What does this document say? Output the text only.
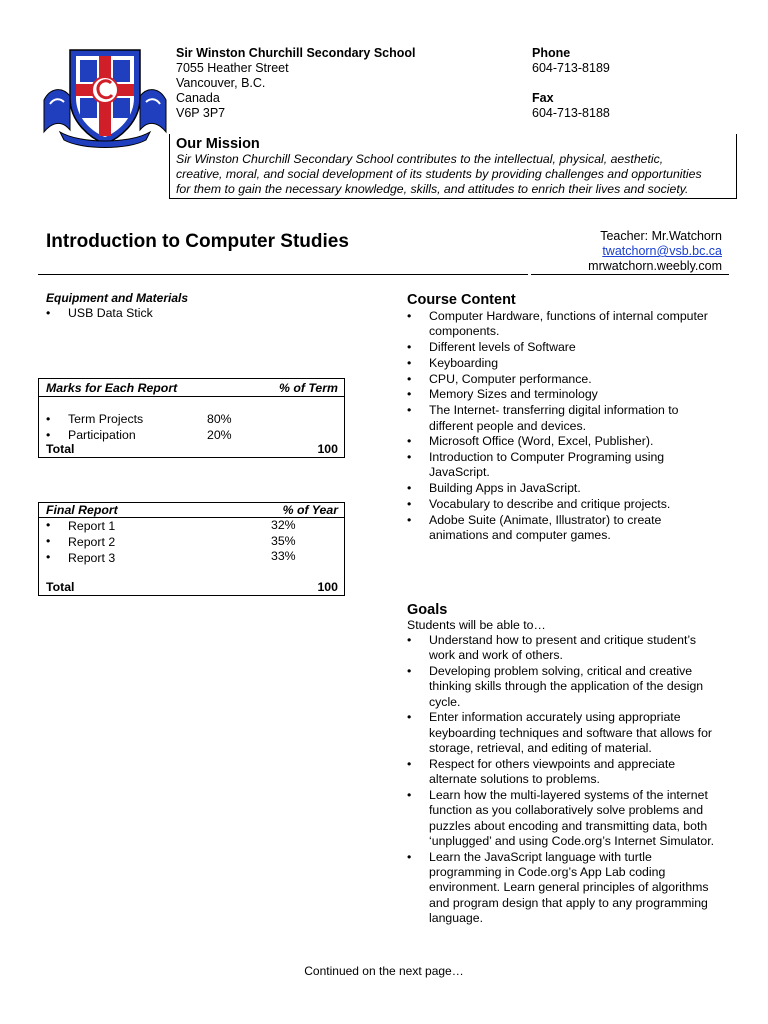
Sir Winston Churchill Secondary School
7055 Heather Street
Vancouver, B.C.
Canada
V6P 3P7
Phone
604-713-8189
Fax
604-713-8188
Our Mission
Sir Winston Churchill Secondary School contributes to the intellectual, physical, aesthetic,
creative, moral, and social development of its students by providing challenges and opportunities
for them to gain the necessary knowledge, skills, and attitudes to enrich their lives and society.
Introduction to Computer Studies	Teacher: Mr.Watchorn
twatchorn@vsb.bc.ca
mrwatchorn.weebly.com
Equipment and Materials
• USB Data Stick
Marks for Each Report	% of Term
• Term Projects	80%
• Participation	20%
Total	100
Final Report	% of Year
• Report 1	32%
• Report 2	35%
• Report 3	33%
Total	100
Course Content
• Computer Hardware, functions of internal computer
components.
• Different levels of Software
• Keyboarding
• CPU, Computer performance.
• Memory Sizes and terminology
• The Internet- transferring digital information to
different people and devices.
• Microsoft Office (Word, Excel, Publisher).
• Introduction to Computer Programing using
JavaScript.
• Building Apps in JavaScript.
• Vocabulary to describe and critique projects.
• Adobe Suite (Animate, Illustrator) to create
animations and computer games.
Goals
Students will be able to…
• Understand how to present and critique student’s
work and work of others.
• Developing problem solving, critical and creative
thinking skills through the application of the design
cycle.
• Enter information accurately using appropriate
keyboarding techniques and software that allows for
storage, retrieval, and editing of material.
• Respect for others viewpoints and appreciate
alternate solutions to problems.
• Learn how the multi-layered systems of the internet
function as you collaboratively solve problems and
puzzles about encoding and transmitting data, both
‘unplugged’ and using Code.org’s Internet Simulator.
• Learn the JavaScript language with turtle
programming in Code.org’s App Lab coding
environment. Learn general principles of algorithms
and program design that apply to any programming
language.
Continued on the next page…
